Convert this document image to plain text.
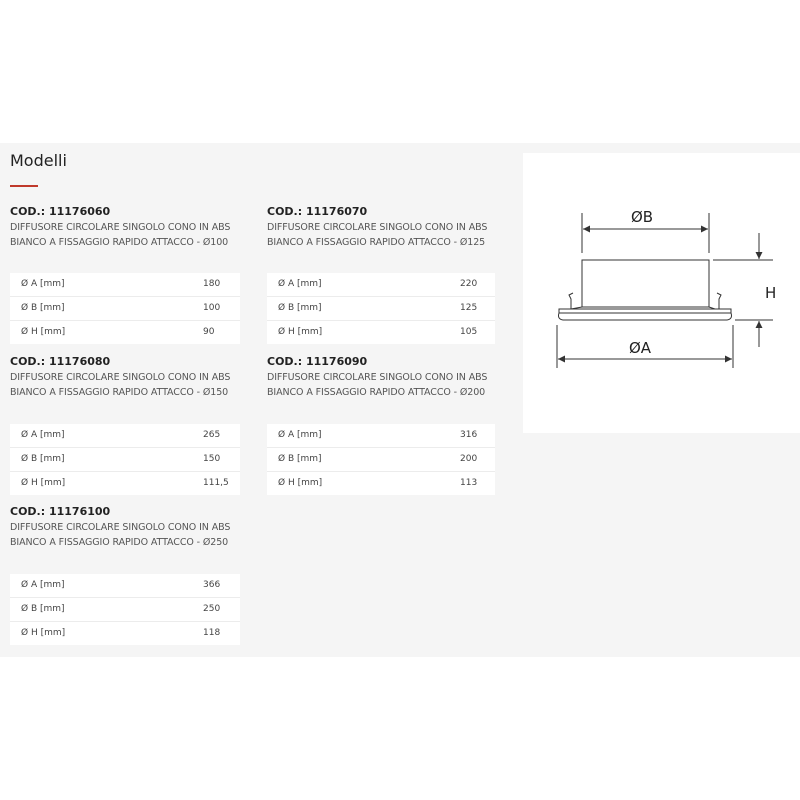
Modelli

COD.: 11176060

DIFFUSORE CIRCOLARE SINGOLO CONO IN ABS BIANCO A FISSAGGIO RAPIDO ATTACCO - Ø100

Ø A [mm]	180
Ø B [mm]	100
Ø H [mm]	90

COD.: 11176070

DIFFUSORE CIRCOLARE SINGOLO CONO IN ABS BIANCO A FISSAGGIO RAPIDO ATTACCO - Ø125

Ø A [mm]	220
Ø B [mm]	125
Ø H [mm]	105

COD.: 11176080

DIFFUSORE CIRCOLARE SINGOLO CONO IN ABS BIANCO A FISSAGGIO RAPIDO ATTACCO - Ø150

Ø A [mm]	265
Ø B [mm]	150
Ø H [mm]	111,5

COD.: 11176090

DIFFUSORE CIRCOLARE SINGOLO CONO IN ABS BIANCO A FISSAGGIO RAPIDO ATTACCO - Ø200

Ø A [mm]	316
Ø B [mm]	200
Ø H [mm]	113

COD.: 11176100

DIFFUSORE CIRCOLARE SINGOLO CONO IN ABS BIANCO A FISSAGGIO RAPIDO ATTACCO - Ø250

Ø A [mm]	366
Ø B [mm]	250
Ø H [mm]	118
ØB
ØA
H
